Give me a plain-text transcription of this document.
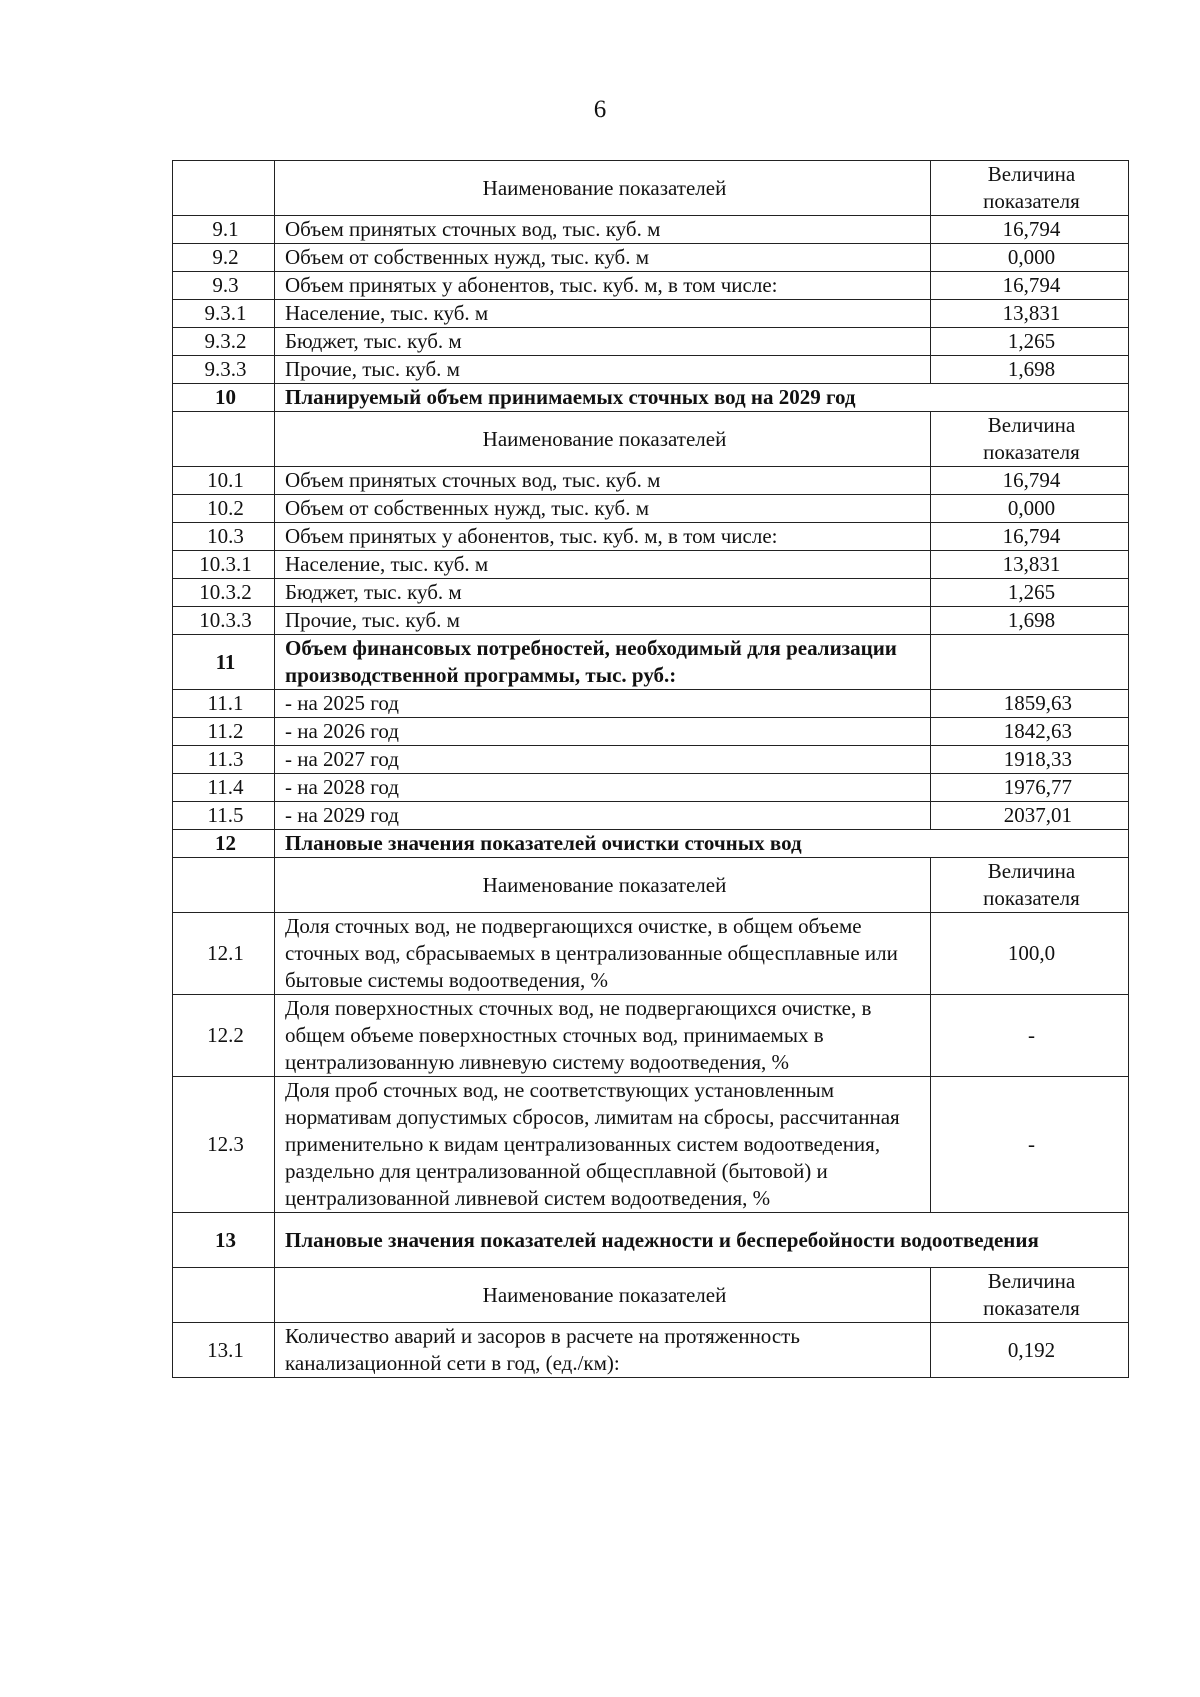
6
	Наименование показателей	Величина показателя
9.1	Объем принятых сточных вод, тыс. куб. м	16,794
9.2	Объем от собственных нужд, тыс. куб. м	0,000
9.3	Объем принятых у абонентов, тыс. куб. м, в том числе:	16,794
9.3.1	Население, тыс. куб. м	13,831
9.3.2	Бюджет, тыс. куб. м	1,265
9.3.3	Прочие, тыс. куб. м	1,698
10	Планируемый объем принимаемых сточных вод на 2029 год	
	Наименование показателей	Величина показателя
10.1	Объем принятых сточных вод, тыс. куб. м	16,794
10.2	Объем от собственных нужд, тыс. куб. м	0,000
10.3	Объем принятых у абонентов, тыс. куб. м, в том числе:	16,794
10.3.1	Население, тыс. куб. м	13,831
10.3.2	Бюджет, тыс. куб. м	1,265
10.3.3	Прочие, тыс. куб. м	1,698
11	Объем финансовых потребностей, необходимый для реализации производственной программы, тыс. руб.:	
11.1	- на 2025 год	1859,63
11.2	- на 2026 год	1842,63
11.3	- на 2027 год	1918,33
11.4	- на 2028 год	1976,77
11.5	- на 2029 год	2037,01
12	Плановые значения показателей очистки сточных вод	
	Наименование показателей	Величина показателя
12.1	Доля сточных вод, не подвергающихся очистке, в общем объеме сточных вод, сбрасываемых в централизованные общесплавные или бытовые системы водоотведения, %	100,0
12.2	Доля поверхностных сточных вод, не подвергающихся очистке, в общем объеме поверхностных сточных вод, принимаемых в централизованную ливневую систему водоотведения, %	-
12.3	Доля проб сточных вод, не соответствующих установленным нормативам допустимых сбросов, лимитам на сбросы, рассчитанная применительно к видам централизованных систем водоотведения, раздельно для централизованной общесплавной (бытовой) и централизованной ливневой систем водоотведения, %	-
13	Плановые значения показателей надежности и бесперебойности водоотведения	
	Наименование показателей	Величина показателя
13.1	Количество аварий и засоров в расчете на протяженность канализационной сети в год, (ед./км):	0,192
